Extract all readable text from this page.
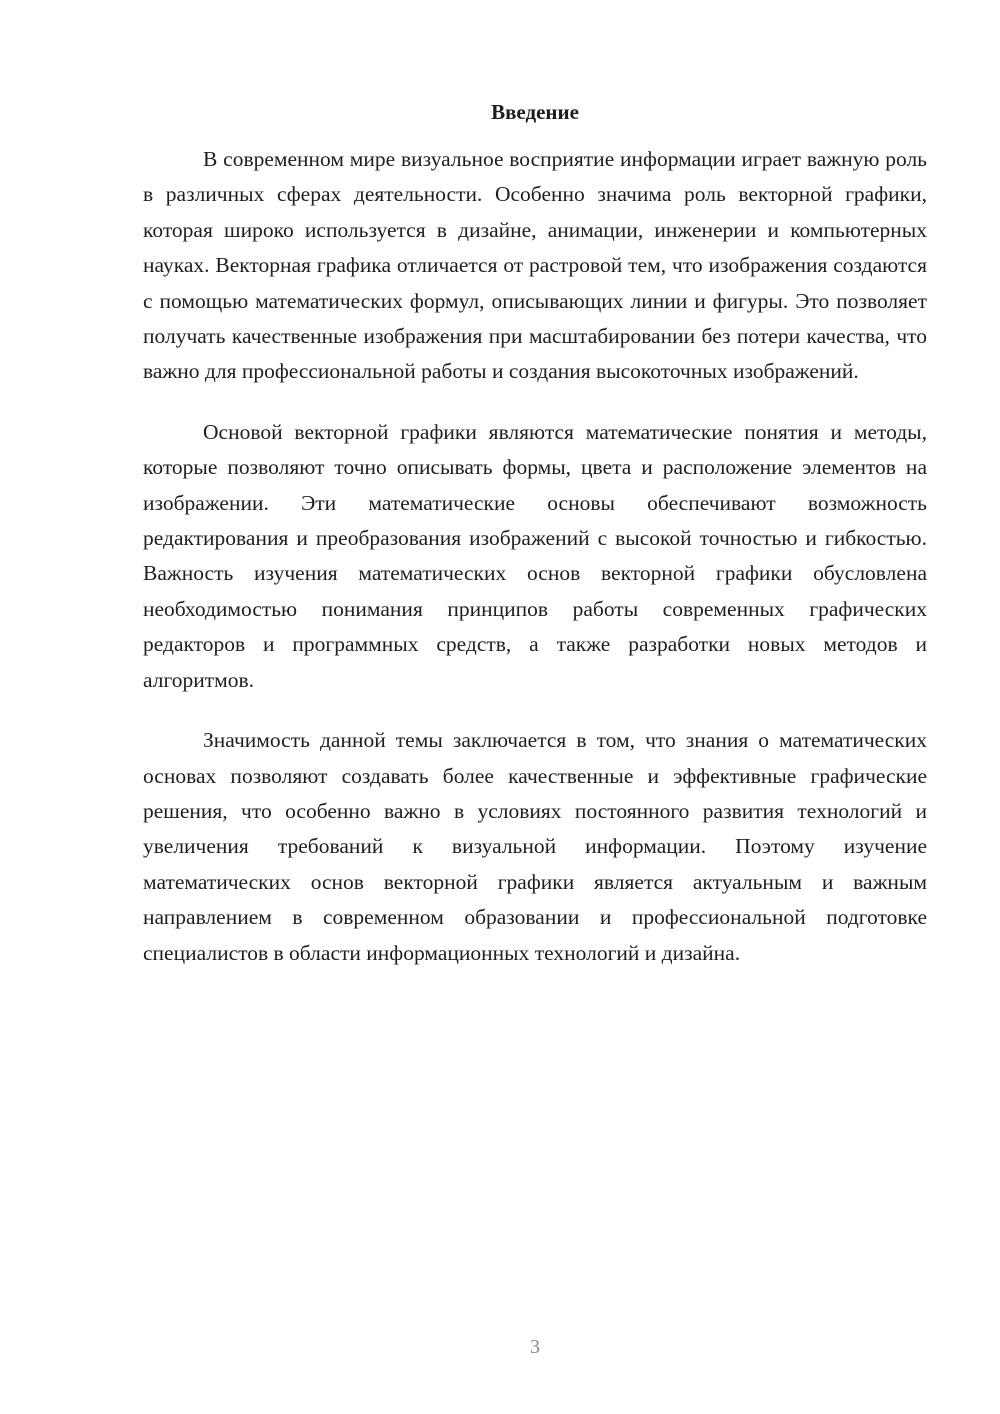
Введение

В современном мире визуальное восприятие информации играет важную роль в различных сферах деятельности. Особенно значима роль векторной графики, которая широко используется в дизайне, анимации, инженерии и компьютерных науках. Векторная графика отличается от растровой тем, что изображения создаются с помощью математических формул, описывающих линии и фигуры. Это позволяет получать качественные изображения при масштабировании без потери качества, что важно для профессиональной работы и создания высокоточных изображений.

Основой векторной графики являются математические понятия и методы, которые позволяют точно описывать формы, цвета и расположение элементов на изображении. Эти математические основы обеспечивают возможность редактирования и преобразования изображений с высокой точностью и гибкостью. Важность изучения математических основ векторной графики обусловлена необходимостью понимания принципов работы современных графических редакторов и программных средств, а также разработки новых методов и алгоритмов.

Значимость данной темы заключается в том, что знания о математических основах позволяют создавать более качественные и эффективные графические решения, что особенно важно в условиях постоянного развития технологий и увеличения требований к визуальной информации. Поэтому изучение математических основ векторной графики является актуальным и важным направлением в современном образовании и профессиональной подготовке специалистов в области информационных технологий и дизайна.

3
